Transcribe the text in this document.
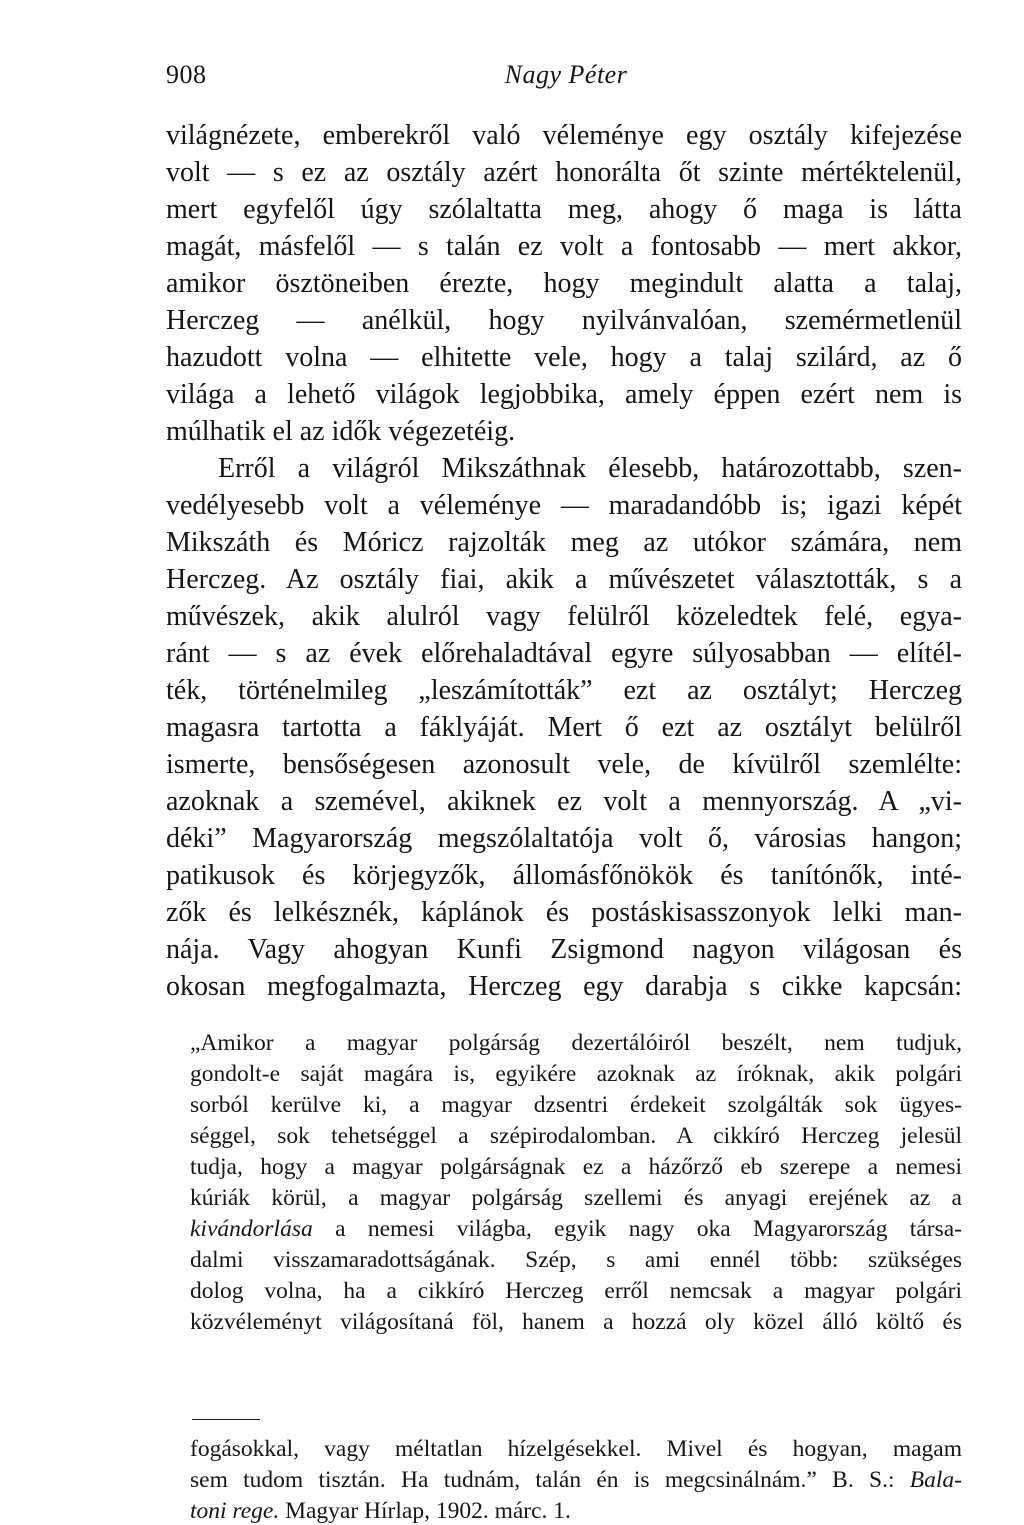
908	Nagy Péter
világnézete, emberekről való véleménye egy osztály kifejezése
volt — s ez az osztály azért honorálta őt szinte mértéktelenül,
mert egyfelől úgy szólaltatta meg, ahogy ő maga is látta
magát, másfelől — s talán ez volt a fontosabb — mert akkor,
amikor ösztöneiben érezte, hogy megindult alatta a talaj,
Herczeg — anélkül, hogy nyilvánvalóan, szemérmetlenül
hazudott volna — elhitette vele, hogy a talaj szilárd, az ő
világa a lehető világok legjobbika, amely éppen ezért nem is
múlhatik el az idők végezetéig.
Erről a világról Mikszáthnak élesebb, határozottabb, szen-
vedélyesebb volt a véleménye — maradandóbb is; igazi képét
Mikszáth és Móricz rajzolták meg az utókor számára, nem
Herczeg. Az osztály fiai, akik a művészetet választották, s a
művészek, akik alulról vagy felülről közeledtek felé, egya-
ránt — s az évek előrehaladtával egyre súlyosabban — elítél-
ték, történelmileg „leszámították” ezt az osztályt; Herczeg
magasra tartotta a fáklyáját. Mert ő ezt az osztályt belülről
ismerte, bensőségesen azonosult vele, de kívülről szemlélte:
azoknak a szemével, akiknek ez volt a mennyország. A „vi-
déki” Magyarország megszólaltatója volt ő, városias hangon;
patikusok és körjegyzők, állomásfőnökök és tanítónők, inté-
zők és lelkésznék, káplánok és postáskisasszonyok lelki man-
nája. Vagy ahogyan Kunfi Zsigmond nagyon világosan és
okosan megfogalmazta, Herczeg egy darabja s cikke kapcsán:
„Amikor a magyar polgárság dezertálóiról beszélt, nem tudjuk,
gondolt-e saját magára is, egyikére azoknak az íróknak, akik polgári
sorból kerülve ki, a magyar dzsentri érdekeit szolgálták sok ügyes-
séggel, sok tehetséggel a szépirodalomban. A cikkíró Herczeg jelesül
tudja, hogy a magyar polgárságnak ez a házőrző eb szerepe a nemesi
kúriák körül, a magyar polgárság szellemi és anyagi erejének az a
kivándorlása a nemesi világba, egyik nagy oka Magyarország társa-
dalmi visszamaradottságának. Szép, s ami ennél több: szükséges
dolog volna, ha a cikkíró Herczeg erről nemcsak a magyar polgári
közvéleményt világosítaná föl, hanem a hozzá oly közel álló költő és
fogásokkal, vagy méltatlan hízelgésekkel. Mivel és hogyan, magam
sem tudom tisztán. Ha tudnám, talán én is megcsinálnám.” B. S.: Bala-
toni rege. Magyar Hírlap, 1902. márc. 1.
